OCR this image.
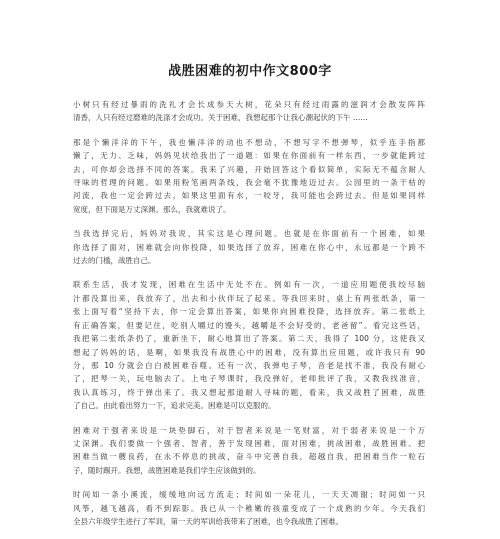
战胜困难的初中作文800字
小树只有经过暴雨的洗礼才会长成参天大树，花朵只有经过雨露的滋润才会散发阵阵
清香，人只有经过磨难的洗涤才会成功。关于困难，我想起那个让我心潮起伏的下午 ……
那是个懒洋洋的下午，我也懒洋洋的动也不想动，不想写字不想弹琴，似乎连手指都
懒了，无力、乏味，妈妈见状给我出了一道题：如果在你面前有一样东西，一步就能跨过
去，可你却会选择不同的答案。我来了兴趣，开始回答这个看似简单，实际无不蕴含耐人
寻味的哲理的问题。如果用粉笔画两条线，我会毫不犹豫地迈过去。公园里的一条干枯的
河流，我也一定会跨过去，如果这里面有水，一咬牙，我可能也会跨过去。但是如果同样
宽度，但下面是万丈深渊。那么，我就难说了。
当我选择完后，妈妈对我说，其实这是心理问题。也就是在你面前有一个困难，如果
你选择了面对，困难就会向你投降，如果选择了放弃，困难在你心中，永远都是一个跨不
过去的门槛，战胜自己。
联系生活，我才发现，困难在生活中无处不在。例如有一次，一道应用题使我绞尽脑
汁都没算出来，我放弃了，出去和小伙伴玩了起来。等我回来时，桌上有两张纸条，第一
张上面写着“坚持下去，你一定会算出答案，如果你向困难投降，选择放弃。第二张纸上
有正确答案，但要记住，吃别人嚼过的馒头，越嚼是不会好受的，老爸留”。看完这些话，
我把第二张纸条扔了，重新坐下，耐心地算出了答案。第二天，我得了 100 分，这使我又
想起了妈妈的话，是啊，如果我没有战胜心中的困难，没有算出应用题，或许我只有 90
分，那 10 分就会白白被困难吞噬。还有一次，我弹电子琴，音老是找不准，我没有耐心
了，把琴一关，玩电脑去了。上电子琴课时，我没弹好，老师批评了我，又教我找准音，
我认真练习，终于弹出来了。我又想起那道耐人寻味的题，看来，我又战胜了困难，战胜
了自己。由此看出努力一下，追求完美。困难是可以克服的。
困难对于强者来说是一块垫脚石，对于智者来说是一笔财富，对于弱者来说是一个万
丈深渊。我们要做一个强者、智者，善于发现困难，面对困难，挑战困难，战胜困难。把
困难当做一艘良药，在永不停息的挑战，奋斗中完善自我，超越自我，把困难当作一粒石
子，随时踢开。我想，战胜困难是我们学生应该做到的。
时间如一条小溪流，缓缓地向远方流走；时间如一朵花儿，一天天凋谢；时间如一只
风筝，越飞越高，看不到踪影。我已从一个稚嫩的孩童变成了一个成熟的少年。今天我们
全县六年级学生进行了军训，第一天的军训给我带来了困难，也令我战胜了困难。
